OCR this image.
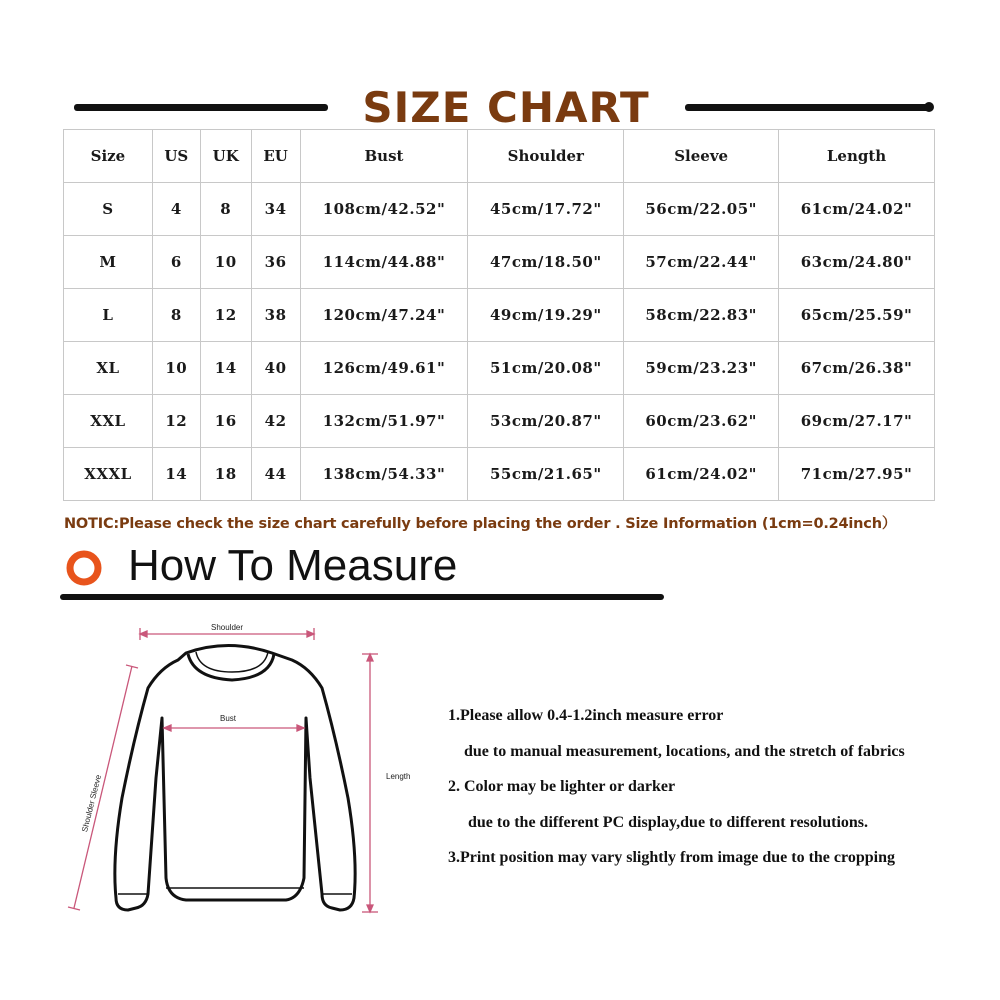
SIZE CHART
Size	US	UK	EU	Bust	Shoulder	Sleeve	Length
S	4	8	34	108cm/42.52"	45cm/17.72"	56cm/22.05"	61cm/24.02"
M	6	10	36	114cm/44.88"	47cm/18.50"	57cm/22.44"	63cm/24.80"
L	8	12	38	120cm/47.24"	49cm/19.29"	58cm/22.83"	65cm/25.59"
XL	10	14	40	126cm/49.61"	51cm/20.08"	59cm/23.23"	67cm/26.38"
XXL	12	16	42	132cm/51.97"	53cm/20.87"	60cm/23.62"	69cm/27.17"
XXXL	14	18	44	138cm/54.33"	55cm/21.65"	61cm/24.02"	71cm/27.95"
NOTIC:Please check the size chart carefully before placing the order . Size Information (1cm=0.24inch）
How To Measure
Shoulder
Bust
Shoulder Sleeve	Length
1.Please allow 0.4-1.2inch measure error
due to manual measurement, locations, and the stretch of fabrics
2. Color may be lighter or darker
due to the different PC display,due to different resolutions.
3.Print position may vary slightly from image due to the cropping
